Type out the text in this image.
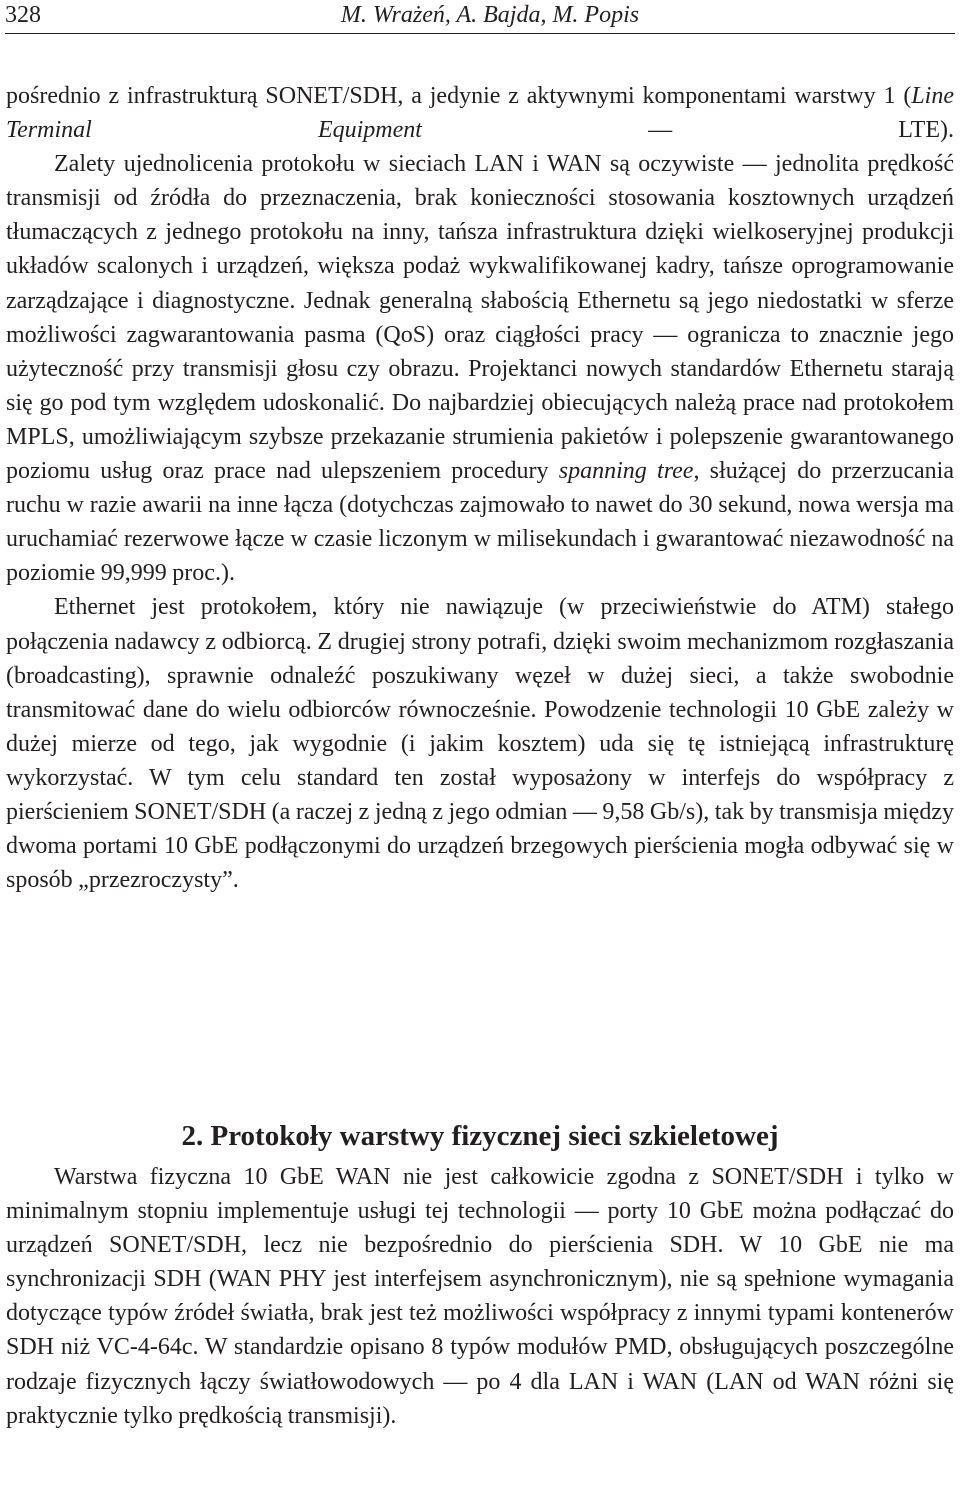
328	M. Wrażeń, A. Bajda, M. Popis

pośrednio z infrastrukturą SONET/SDH, a jedynie z aktywnymi komponentami warstwy 1 (Line Terminal Equipment — LTE).

Zalety ujednolicenia protokołu w sieciach LAN i WAN są oczywiste — jednolita prędkość transmisji od źródła do przeznaczenia, brak konieczności stosowania kosztownych urządzeń tłumaczących z jednego protokołu na inny, tańsza infrastruktura dzięki wielkoseryjnej produkcji układów scalonych i urządzeń, większa podaż wykwalifikowanej kadry, tańsze oprogramowanie zarządzające i diagnostyczne. Jednak generalną słabością Ethernetu są jego niedostatki w sferze możliwości zagwarantowania pasma (QoS) oraz ciągłości pracy — ogranicza to znacznie jego użyteczność przy transmisji głosu czy obrazu. Projektanci nowych standardów Ethernetu starają się go pod tym względem udoskonalić. Do najbardziej obiecujących należą prace nad protokołem MPLS, umożliwiającym szybsze przekazanie strumienia pakietów i polepszenie gwarantowanego poziomu usług oraz prace nad ulepszeniem procedury spanning tree, służącej do przerzucania ruchu w razie awarii na inne łącza (dotychczas zajmowało to nawet do 30 sekund, nowa wersja ma uruchamiać rezerwowe łącze w czasie liczonym w milisekundach i gwarantować niezawodność na poziomie 99,999 proc.).

Ethernet jest protokołem, który nie nawiązuje (w przeciwieństwie do ATM) stałego połączenia nadawcy z odbiorcą. Z drugiej strony potrafi, dzięki swoim mechanizmom rozgłaszania (broadcasting), sprawnie odnaleźć poszukiwany węzeł w dużej sieci, a także swobodnie transmitować dane do wielu odbiorców równocześnie. Powodzenie technologii 10 GbE zależy w dużej mierze od tego, jak wygodnie (i jakim kosztem) uda się tę istniejącą infrastrukturę wykorzystać. W tym celu standard ten został wyposażony w interfejs do współpracy z pierścieniem SONET/SDH (a raczej z jedną z jego odmian — 9,58 Gb/s), tak by transmisja między dwoma portami 10 GbE podłączonymi do urządzeń brzegowych pierścienia mogła odbywać się w sposób „przezroczysty”.

2. Protokoły warstwy fizycznej sieci szkieletowej

Warstwa fizyczna 10 GbE WAN nie jest całkowicie zgodna z SONET/SDH i tylko w minimalnym stopniu implementuje usługi tej technologii — porty 10 GbE można podłączać do urządzeń SONET/SDH, lecz nie bezpośrednio do pierścienia SDH. W 10 GbE nie ma synchronizacji SDH (WAN PHY jest interfejsem asynchronicznym), nie są spełnione wymagania dotyczące typów źródeł światła, brak jest też możliwości współpracy z innymi typami kontenerów SDH niż VC-4-64c. W standardzie opisano 8 typów modułów PMD, obsługujących poszczególne rodzaje fizycznych łączy światłowodowych — po 4 dla LAN i WAN (LAN od WAN różni się praktycznie tylko prędkością transmisji).
